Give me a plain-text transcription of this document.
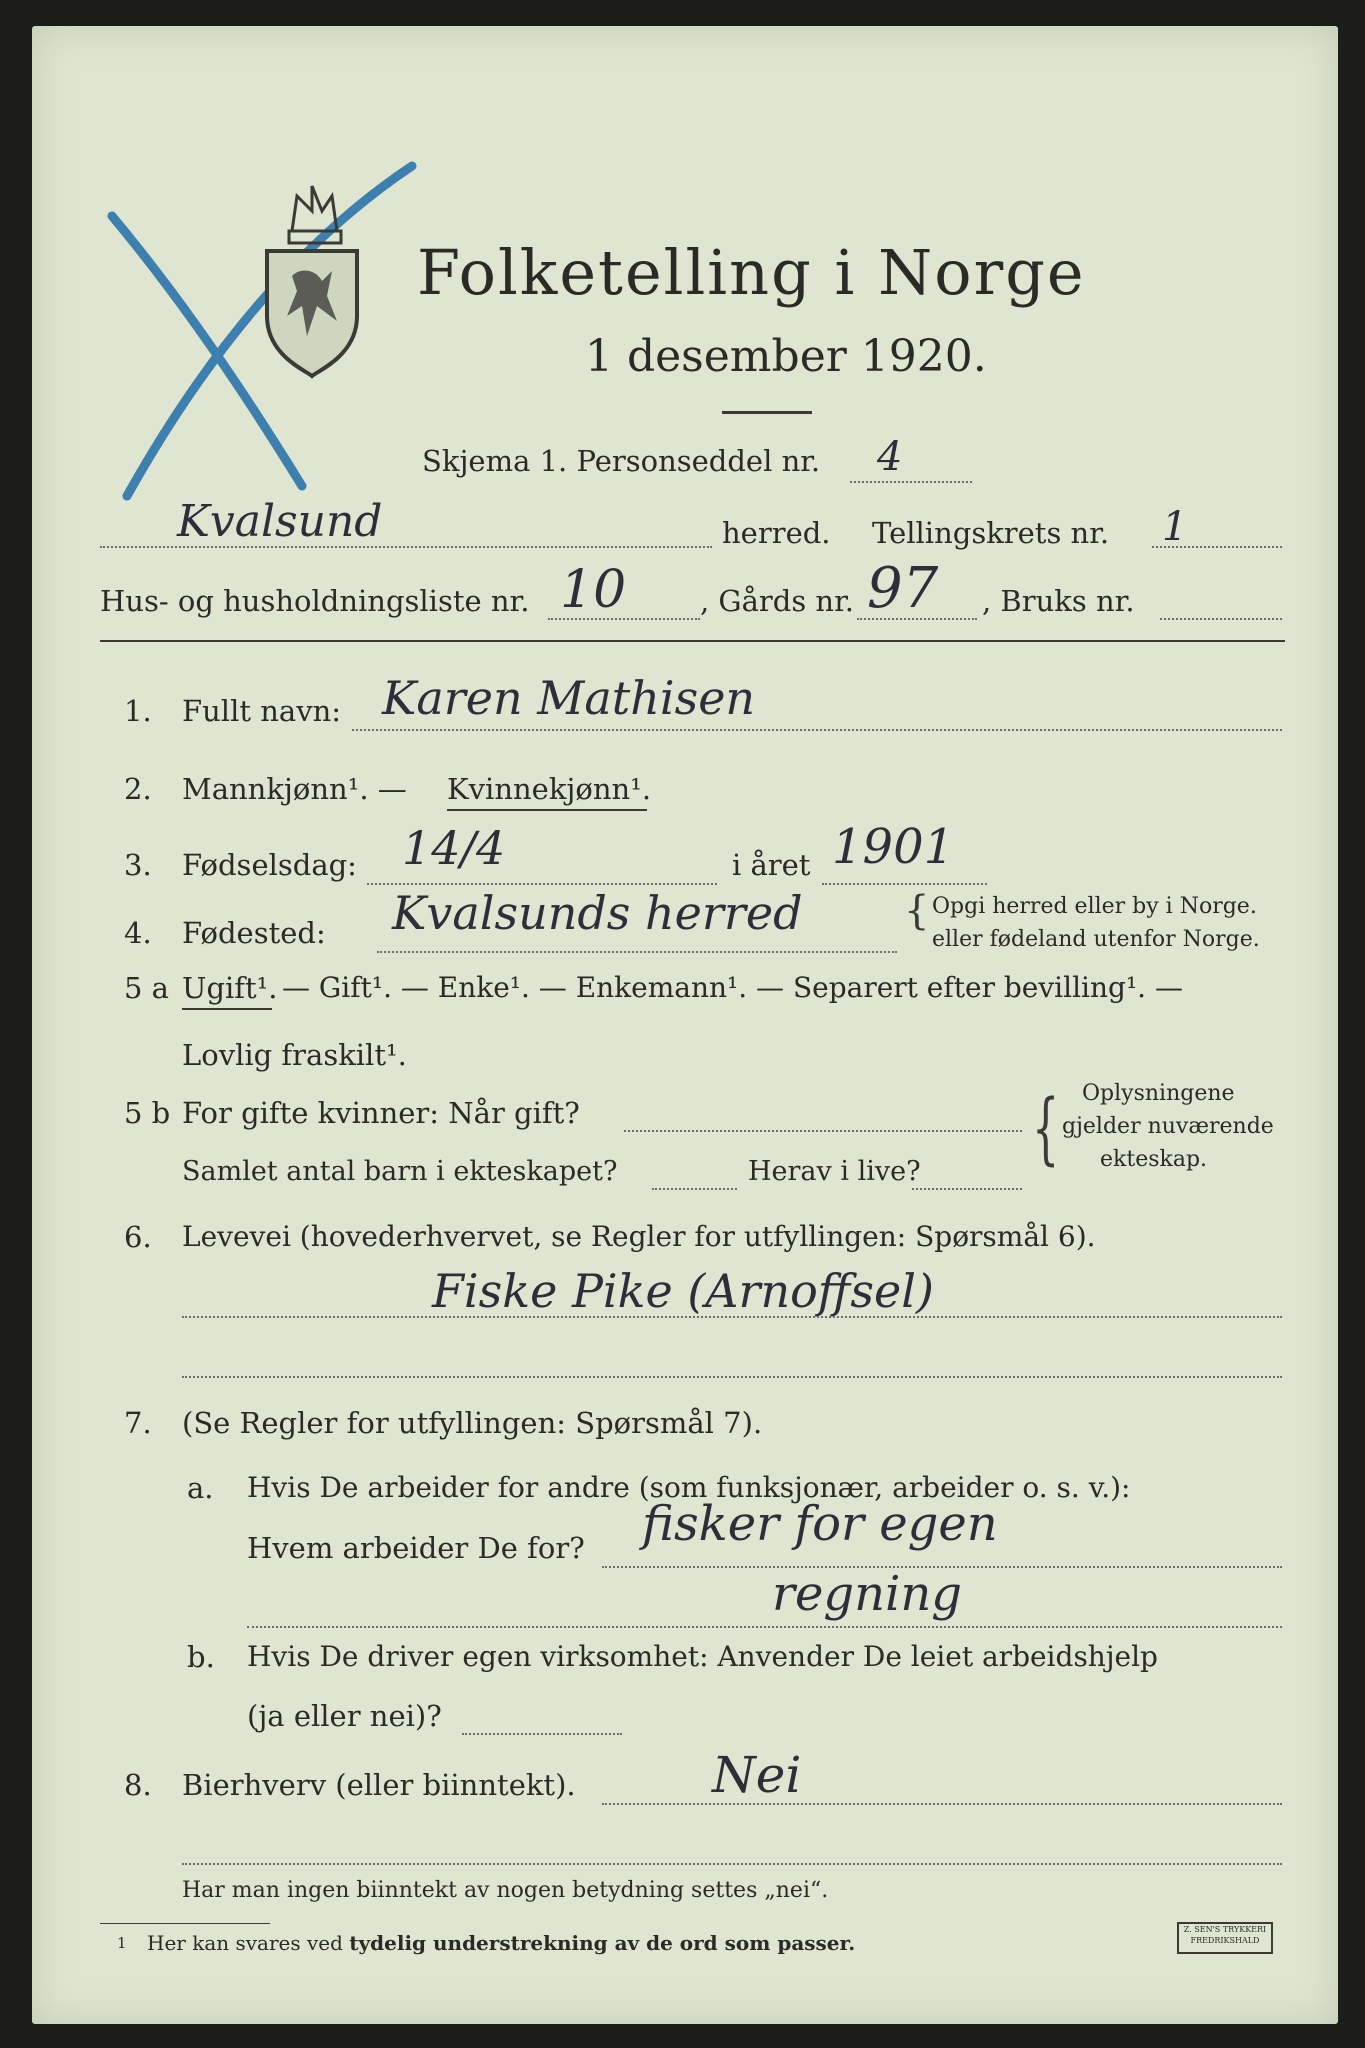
Folketelling i Norge
1 desember 1920.
Skjema 1. Personseddel nr. 4
Kvalsund	herred. Tellingskrets nr. 1
Hus- og husholdningsliste nr. 10	, Gårds nr. 97 , Bruks nr.
1. Fullt navn: Karen Mathisen
2. Mannkjønn¹. — Kvinnekjønn¹.
3. Fødselsdag: 14/4	i året 1901
4. Fødested: Kvalsunds herred	{ Opgi herred eller by i Norge.
eller fødeland utenfor Norge.
5 a Ugift¹. — Gift¹. — Enke¹. — Enkemann¹. — Separert efter bevilling¹. —
Lovlig fraskilt¹.
5 b For gifte kvinner: Når gift?
Samlet antal barn i ekteskapet?	Herav i live? { Oplysningene
gjelder nuværende
ekteskap.
6. Levevei (hovederhvervet, se Regler for utfyllingen: Spørsmål 6).
Fiske Pike (Arnoffsel)
7. (Se Regler for utfyllingen: Spørsmål 7).
a. Hvis De arbeider for andre (som funksjonær, arbeider o. s. v.):
Hvem arbeider De for? fisker for egen
regning
b. Hvis De driver egen virksomhet: Anvender De leiet arbeidshjelp
(ja eller nei)?
8. Bierhverv (eller biinntekt).	Nei
Har man ingen biinntekt av nogen betydning settes „nei“.
1 Her kan svares ved tydelig understrekning av de ord som passer.
Z. SEN'S TRYKKERI
FREDRIKSHALD
